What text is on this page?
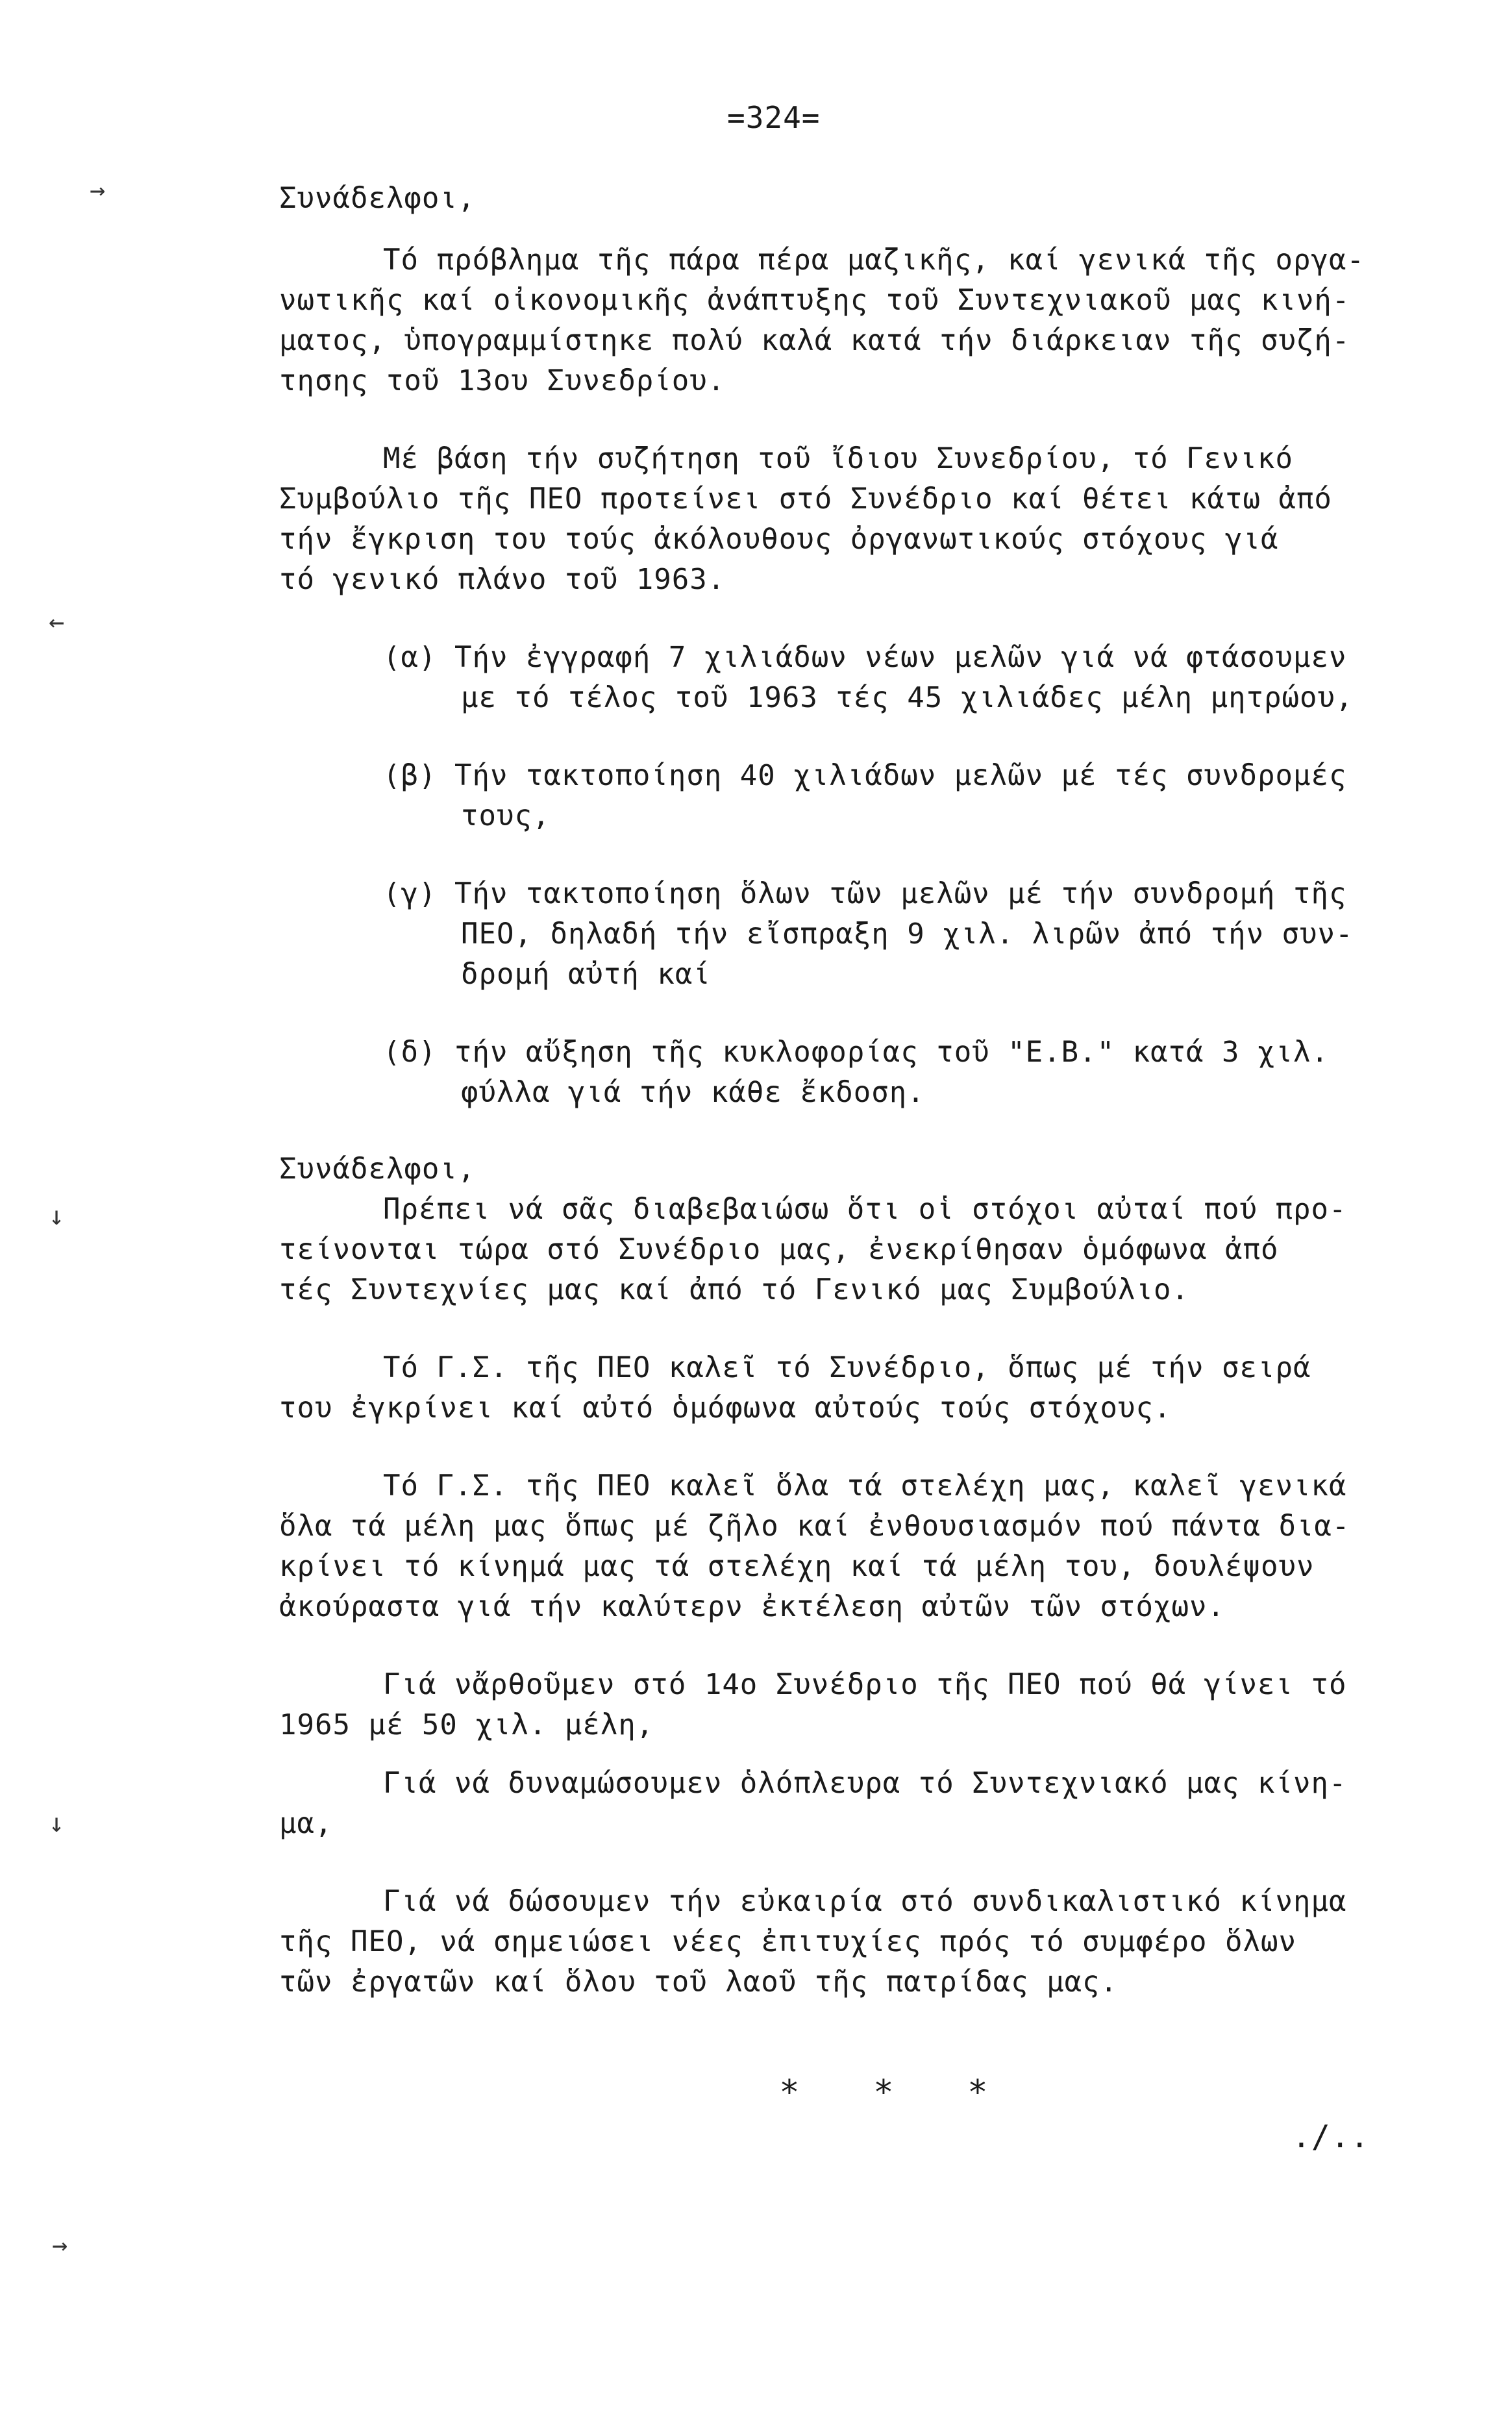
=324=
→
←
↓
↓
→
Συνάδελφοι,
Τό πρόβλημα τῆς πάρα πέρα μαζικῆς, καί γενικά τῆς οργα-
νωτικῆς καί οἰκονομικῆς ἀνάπτυξης τοῦ Συντεχνιακοῦ μας κινή-
ματος, ὑπογραμμίστηκε πολύ καλά κατά τήν διάρκειαν τῆς συζή-
τησης τοῦ 13ου Συνεδρίου.
Μέ βάση τήν συζήτηση τοῦ ἴδιου Συνεδρίου, τό Γενικό
Συμβούλιο τῆς ΠΕΟ προτείνει στό Συνέδριο καί θέτει κάτω ἀπό
τήν ἔγκριση του τούς ἀκόλουθους ὀργανωτικούς στόχους γιά
τό γενικό πλάνο τοῦ 1963.
(α) Τήν ἐγγραφή 7 χιλιάδων νέων μελῶν γιά νά φτάσουμεν
με τό τέλος τοῦ 1963 τές 45 χιλιάδες μέλη μητρώου,
(β) Τήν τακτοποίηση 40 χιλιάδων μελῶν μέ τές συνδρομές
τους,
(γ) Τήν τακτοποίηση ὅλων τῶν μελῶν μέ τήν συνδρομή τῆς
ΠΕΟ, δηλαδή τήν εἴσπραξη 9 χιλ. λιρῶν ἀπό τήν συν-
δρομή αὐτή καί
(δ) τήν αὔξηση τῆς κυκλοφορίας τοῦ "Ε.Β." κατά 3 χιλ.
φύλλα γιά τήν κάθε ἔκδοση.
Συνάδελφοι,
Πρέπει νά σᾶς διαβεβαιώσω ὅτι οἱ στόχοι αὐταί πού προ-
τείνονται τώρα στό Συνέδριο μας, ἐνεκρίθησαν ὁμόφωνα ἀπό
τές Συντεχνίες μας καί ἀπό τό Γενικό μας Συμβούλιο.
Τό Γ.Σ. τῆς ΠΕΟ καλεῖ τό Συνέδριο, ὅπως μέ τήν σειρά
του ἐγκρίνει καί αὐτό ὁμόφωνα αὐτούς τούς στόχους.
Τό Γ.Σ. τῆς ΠΕΟ καλεῖ ὅλα τά στελέχη μας, καλεῖ γενικά
ὅλα τά μέλη μας ὅπως μέ ζῆλο καί ἐνθουσιασμόν πού πάντα δια-
κρίνει τό κίνημά μας τά στελέχη καί τά μέλη του, δουλέψουν
ἀκούραστα γιά τήν καλύτερν ἐκτέλεση αὐτῶν τῶν στόχων.
Γιά νἄρθοῦμεν στό 14ο Συνέδριο τῆς ΠΕΟ πού θά γίνει τό
1965 μέ 50 χιλ. μέλη,
Γιά νά δυναμώσουμεν ὁλόπλευρα τό Συντεχνιακό μας κίνη-
μα,
Γιά νά δώσουμεν τήν εὐκαιρία στό συνδικαλιστικό κίνημα
τῆς ΠΕΟ, νά σημειώσει νέες ἐπιτυχίες πρός τό συμφέρο ὅλων
τῶν ἐργατῶν καί ὅλου τοῦ λαοῦ τῆς πατρίδας μας.

* * *

./..
